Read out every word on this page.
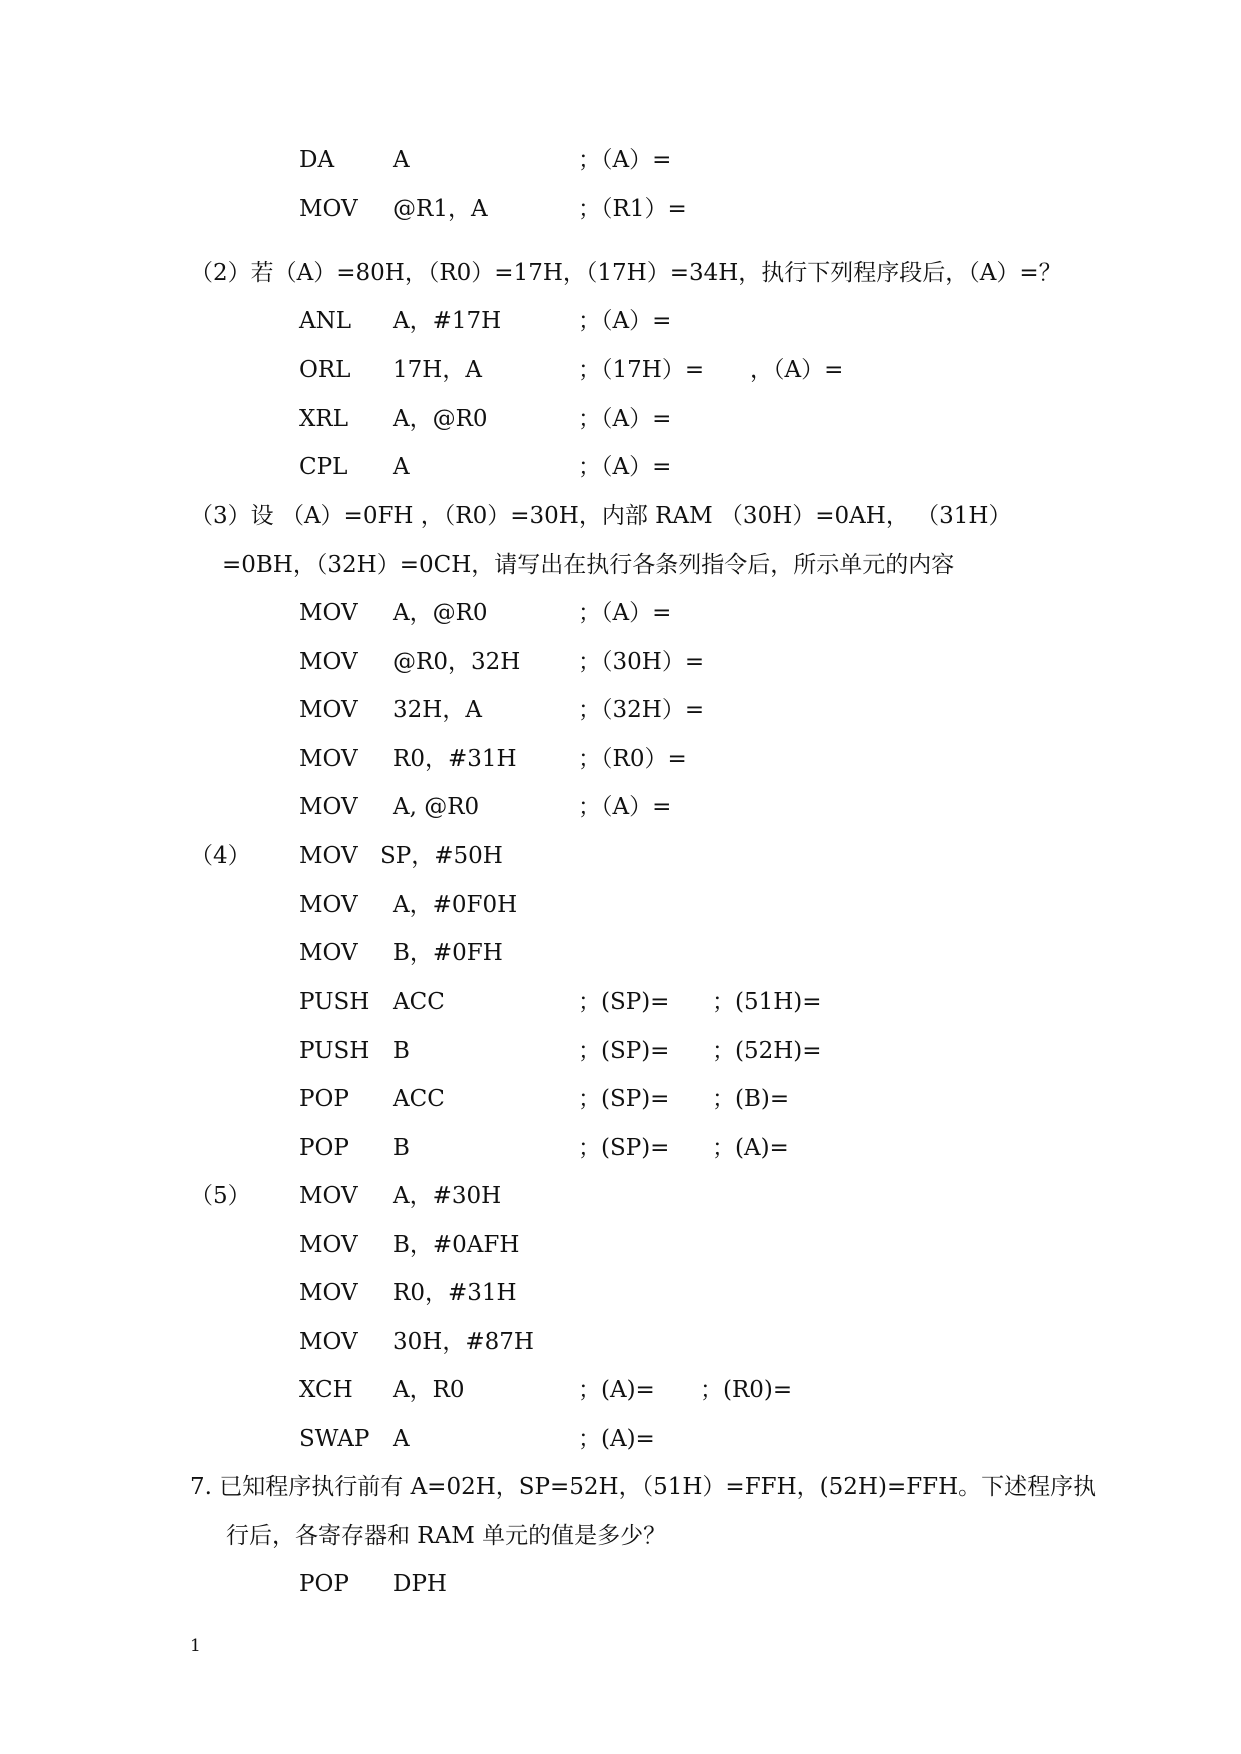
DA	A	；（A）=
MOV @R1，A	；（R1）=
（2）若（A）=80H，（R0）=17H，（17H）=34H，执行下列程序段后，（A）=？
ANL A，#17H	；（A）=
ORL 17H，A	；（17H）= ，（A）=
XRL A，@R0	；（A）=
CPL A	；（A）=
（3）设 （A）=0FH ，（R0）=30H，内部 RAM （30H）=0AH， （31H）
=0BH，（32H）=0CH，请写出在执行各条列指令后，所示单元的内容
MOV A，@R0	；（A）=
MOV @R0，32H	；（30H）=
MOV 32H，A	；（32H）=
MOV R0，#31H	；（R0）=
MOV A, @R0	；（A）=
（4） MOV SP，#50H
MOV A，#0F0H
MOV B，#0FH
PUSH ACC	；(SP)= ；(51H)=
PUSH B	；(SP)= ；(52H)=
POP ACC	；(SP)= ；(B)=
POP B	；(SP)= ；(A)=
（5） MOV A，#30H
MOV B，#0AFH
MOV R0，#31H
MOV 30H，#87H
XCH A，R0	；(A)= ；(R0)=
SWAP A	；(A)=
7. 已知程序执行前有 A=02H，SP=52H，（51H）=FFH，(52H)=FFH。下述程序执
行后，各寄存器和 RAM 单元的值是多少？
POP DPH
1
